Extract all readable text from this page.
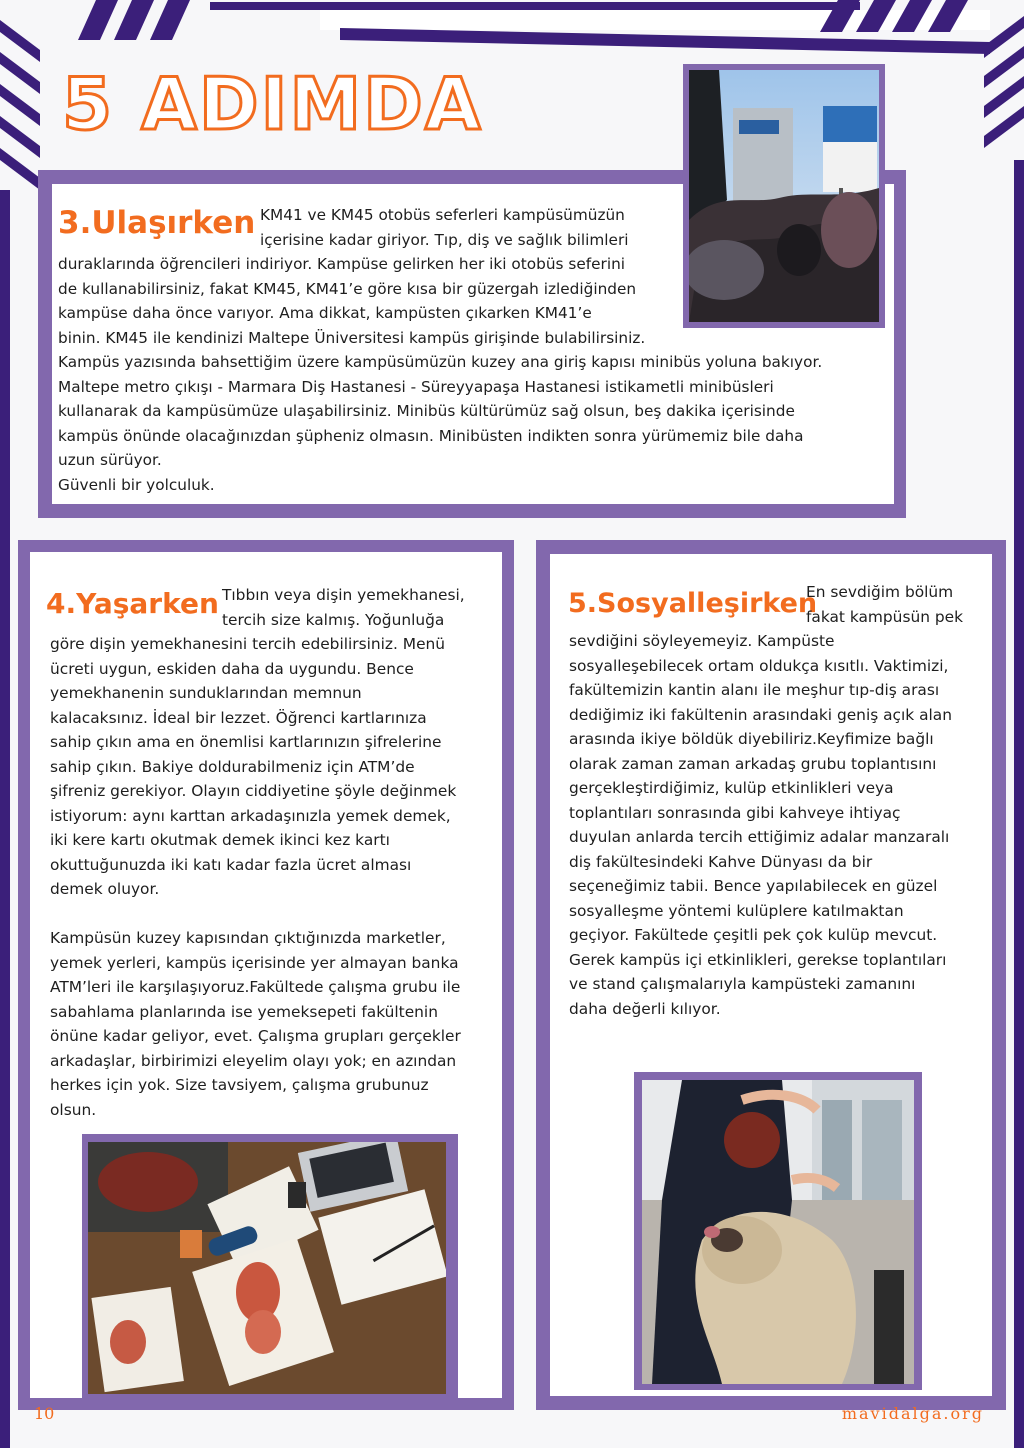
5 ADIMDA
3.Ulaşırken KM41 ve KM45 otobüs seferleri kampüsümüzün

içerisine kadar giriyor. Tıp, diş ve sağlık bilimleri

duraklarında öğrencileri indiriyor. Kampüse gelirken her iki otobüs seferini

de kullanabilirsiniz, fakat KM45, KM41’e göre kısa bir güzergah izlediğinden

kampüse daha önce varıyor. Ama dikkat, kampüsten çıkarken KM41’e

binin. KM45 ile kendinizi Maltepe Üniversitesi kampüs girişinde bulabilirsiniz.

Kampüs yazısında bahsettiğim üzere kampüsümüzün kuzey ana giriş kapısı minibüs yoluna bakıyor.

Maltepe metro çıkışı - Marmara Diş Hastanesi - Süreyyapaşa Hastanesi istikametli minibüsleri

kullanarak da kampüsümüze ulaşabilirsiniz. Minibüs kültürümüz sağ olsun, beş dakika içerisinde

kampüs önünde olacağınızdan şüpheniz olmasın. Minibüsten indikten sonra yürümemiz bile daha

uzun sürüyor.

Güvenli bir yolculuk.

4.Yaşarken Tıbbın veya dişin yemekhanesi,

tercih size kalmış. Yoğunluğa

göre dişin yemekhanesini tercih edebilirsiniz. Menü

ücreti uygun, eskiden daha da uygundu. Bence

yemekhanenin sunduklarından memnun

kalacaksınız. İdeal bir lezzet. Öğrenci kartlarınıza

sahip çıkın ama en önemlisi kartlarınızın şifrelerine

sahip çıkın. Bakiye doldurabilmeniz için ATM’de

şifreniz gerekiyor. Olayın ciddiyetine şöyle değinmek

istiyorum: aynı karttan arkadaşınızla yemek demek,

iki kere kartı okutmak demek ikinci kez kartı

okuttuğunuzda iki katı kadar fazla ücret alması

demek oluyor.

Kampüsün kuzey kapısından çıktığınızda marketler,

yemek yerleri, kampüs içerisinde yer almayan banka

ATM’leri ile karşılaşıyoruz.Fakültede çalışma grubu ile

sabahlama planlarında ise yemeksepeti fakültenin

önüne kadar geliyor, evet. Çalışma grupları gerçekler

arkadaşlar, birbirimizi eleyelim olayı yok; en azından

herkes için yok. Size tavsiyem, çalışma grubunuz

olsun.

5.Sosyalleşirken

En sevdiğim bölüm

fakat kampüsün pek

sevdiğini söyleyemeyiz. Kampüste

sosyalleşebilecek ortam oldukça kısıtlı. Vaktimizi,

fakültemizin kantin alanı ile meşhur tıp-diş arası

dediğimiz iki fakültenin arasındaki geniş açık alan

arasında ikiye böldük diyebiliriz.Keyfimize bağlı

olarak zaman zaman arkadaş grubu toplantısını

gerçekleştirdiğimiz, kulüp etkinlikleri veya

toplantıları sonrasında gibi kahveye ihtiyaç

duyulan anlarda tercih ettiğimiz adalar manzaralı

diş fakültesindeki Kahve Dünyası da bir

seçeneğimiz tabii. Bence yapılabilecek en güzel

sosyalleşme yöntemi kulüplere katılmaktan

geçiyor. Fakültede çeşitli pek çok kulüp mevcut.

Gerek kampüs içi etkinlikleri, gerekse toplantıları

ve stand çalışmalarıyla kampüsteki zamanını

daha değerli kılıyor.

10	mavidalga.org
